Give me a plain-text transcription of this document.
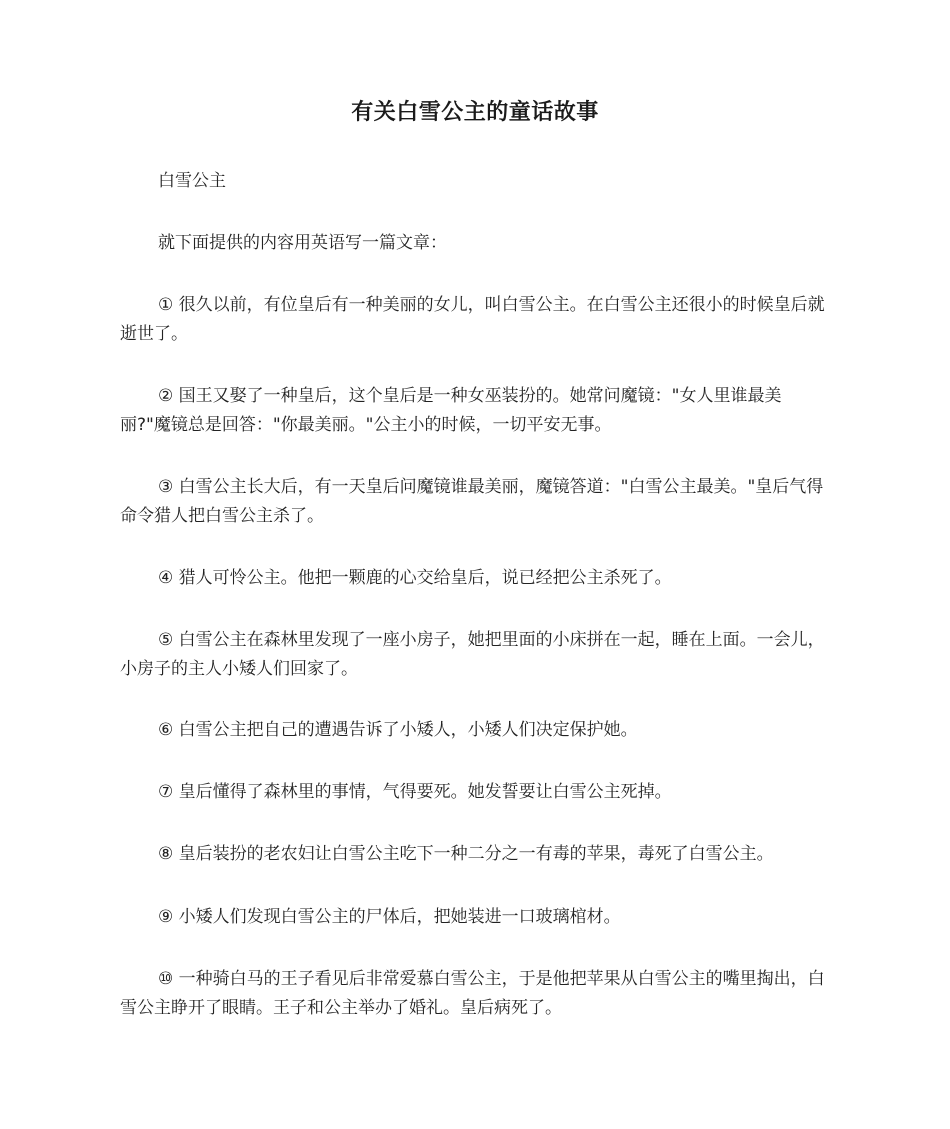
有关白雪公主的童话故事

白雪公主

就下面提供的内容用英语写一篇文章：

① 很久以前，有位皇后有一种美丽的女儿，叫白雪公主。在白雪公主还很小的时候皇后就逝世了。

② 国王又娶了一种皇后，这个皇后是一种女巫装扮的。她常问魔镜："女人里谁最美丽?"魔镜总是回答："你最美丽。"公主小的时候，一切平安无事。

③ 白雪公主长大后，有一天皇后问魔镜谁最美丽，魔镜答道："白雪公主最美。"皇后气得命令猎人把白雪公主杀了。

④ 猎人可怜公主。他把一颗鹿的心交给皇后，说已经把公主杀死了。

⑤ 白雪公主在森林里发现了一座小房子，她把里面的小床拼在一起，睡在上面。一会儿，小房子的主人小矮人们回家了。

⑥ 白雪公主把自己的遭遇告诉了小矮人，小矮人们决定保护她。

⑦ 皇后懂得了森林里的事情，气得要死。她发誓要让白雪公主死掉。

⑧ 皇后装扮的老农妇让白雪公主吃下一种二分之一有毒的苹果，毒死了白雪公主。

⑨ 小矮人们发现白雪公主的尸体后，把她装进一口玻璃棺材。

⑩ 一种骑白马的王子看见后非常爱慕白雪公主，于是他把苹果从白雪公主的嘴里掏出，白雪公主睁开了眼睛。王子和公主举办了婚礼。皇后病死了。
